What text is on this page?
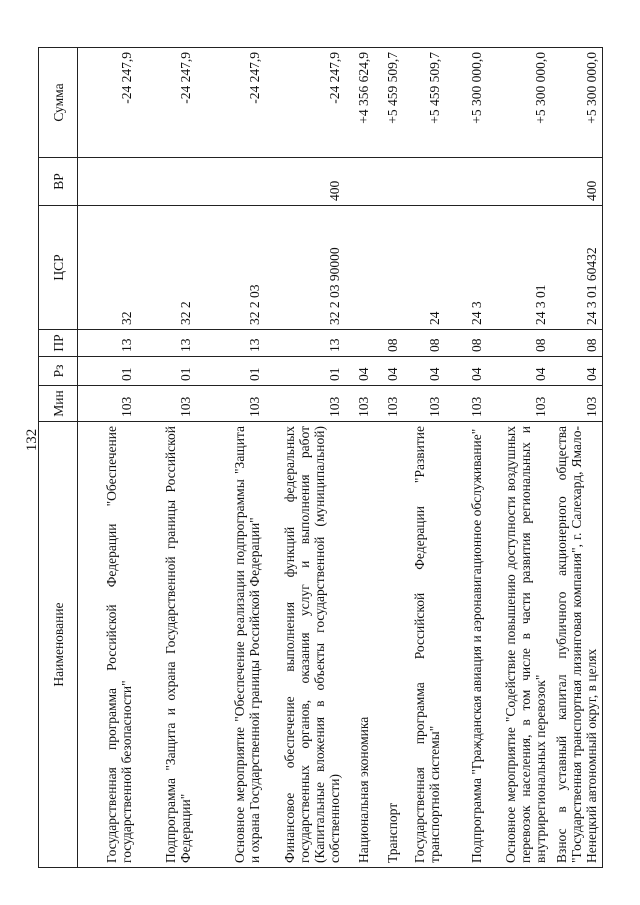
132
Наименование	Мин	Рз	ПР	ЦСР	ВР	Сумма
Государственная программа Российской Федерации "Обеспечение государственной безопасности"	103	01	13	32		-24 247,9
Подпрограмма "Защита и охрана Государственной границы Российской Федерации"	103	01	13	32 2		-24 247,9
Основное мероприятие "Обеспечение реализации подпрограммы "Защита и охрана Государственной границы Российской Федерации"	103	01	13	32 2 03		-24 247,9
Финансовое обеспечение выполнения функций федеральных государственных органов, оказания услуг и выполнения работ (Капитальные вложения в объекты государственной (муниципальной) собственности)	103	01	13	32 2 03 90000	400	-24 247,9
Национальная экономика	103	04				+4 356 624,9
Транспорт	103	04	08			+5 459 509,7
Государственная программа Российской Федерации "Развитие транспортной системы"	103	04	08	24		+5 459 509,7
Подпрограмма "Гражданская авиация и аэронавигационное обслуживание"	103	04	08	24 3		+5 300 000,0
Основное мероприятие "Содействие повышению доступности воздушных перевозок населения, в том числе в части развития региональных и внутрирегиональных перевозок"	103	04	08	24 3 01		+5 300 000,0
Взнос в уставный капитал публичного акционерного общества "Государственная транспортная лизинговая компания", г. Салехард, Ямало-Ненецкий автономный округ, в целях	103	04	08	24 3 01 60432	400	+5 300 000,0
